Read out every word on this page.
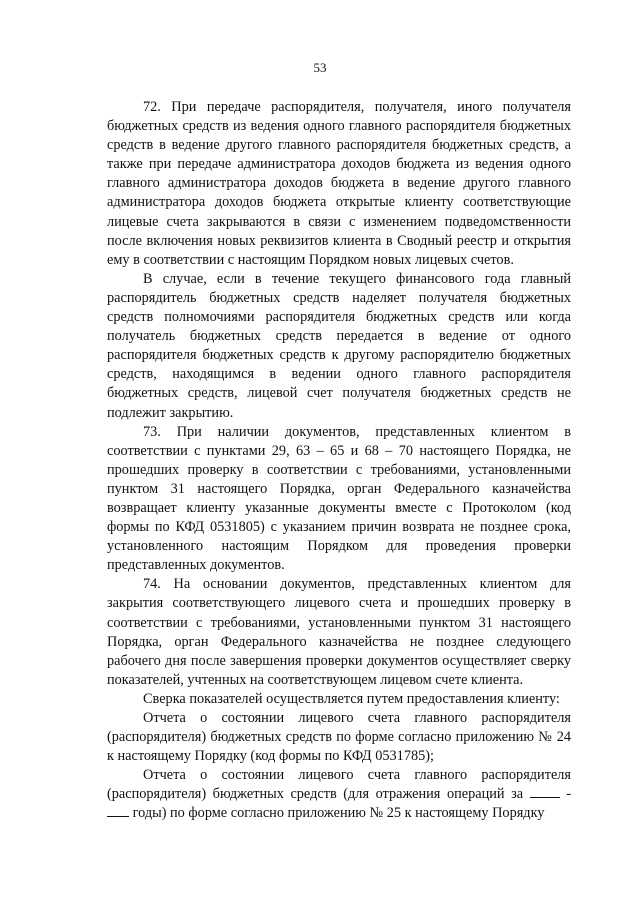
53

72. При передаче распорядителя, получателя, иного получателя бюджетных средств из ведения одного главного распорядителя бюджетных средств в ведение другого главного распорядителя бюджетных средств, а также при передаче администратора доходов бюджета из ведения одного главного администратора доходов бюджета в ведение другого главного администратора доходов бюджета открытые клиенту соответствующие лицевые счета закрываются в связи с изменением подведомственности после включения новых реквизитов клиента в Сводный реестр и открытия ему в соответствии с настоящим Порядком новых лицевых счетов.

В случае, если в течение текущего финансового года главный распорядитель бюджетных средств наделяет получателя бюджетных средств полномочиями распорядителя бюджетных средств или когда получатель бюджетных средств передается в ведение от одного распорядителя бюджетных средств к другому распорядителю бюджетных средств, находящимся в ведении одного главного распорядителя бюджетных средств, лицевой счет получателя бюджетных средств не подлежит закрытию.

73. При наличии документов, представленных клиентом в соответствии с пунктами 29, 63 – 65 и 68 – 70 настоящего Порядка, не прошедших проверку в соответствии с требованиями, установленными пунктом 31 настоящего Порядка, орган Федерального казначейства возвращает клиенту указанные документы вместе с Протоколом (код формы по КФД 0531805) с указанием причин возврата не позднее срока, установленного настоящим Порядком для проведения проверки представленных документов.

74. На основании документов, представленных клиентом для закрытия соответствующего лицевого счета и прошедших проверку в соответствии с требованиями, установленными пунктом 31 настоящего Порядка, орган Федерального казначейства не позднее следующего рабочего дня после завершения проверки документов осуществляет сверку показателей, учтенных на соответствующем лицевом счете клиента.

Сверка показателей осуществляется путем предоставления клиенту:

Отчета о состоянии лицевого счета главного распорядителя (распорядителя) бюджетных средств по форме согласно приложению № 24 к настоящему Порядку (код формы по КФД 0531785);

Отчета о состоянии лицевого счета главного распорядителя (распорядителя) бюджетных средств (для отражения операций за  -  годы) по форме согласно приложению № 25 к настоящему Порядку
